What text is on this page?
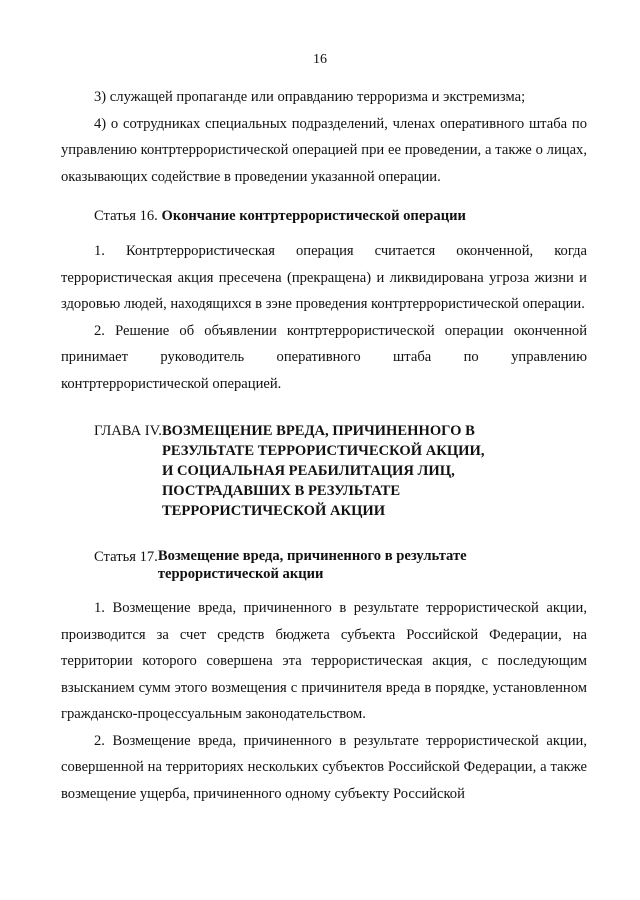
16

3) служащей пропаганде или оправданию терроризма и экстремизма;

4) о сотрудниках специальных подразделений, членах оперативного штаба по управлению контртеррористической операцией при ее проведении, а также о лицах, оказывающих содействие в проведении указанной операции.

Статья 16. Окончание контртеррористической операции

1. Контртеррористическая операция считается оконченной, когда террористическая акция пресечена (прекращена) и ликвидирована угроза жизни и здоровью людей, находящихся в зэне проведения контртеррористической операции.

2. Решение об объявлении контртеррористической операции оконченной принимает руководитель оперативного штаба по управлению контртеррористической операцией.

ГЛАВА IV. ВОЗМЕЩЕНИЕ ВРЕДА, ПРИЧИНЕННОГО В РЕЗУЛЬТАТЕ ТЕРРОРИСТИЧЕСКОЙ АКЦИИ, И СОЦИАЛЬНАЯ РЕАБИЛИТАЦИЯ ЛИЦ, ПОСТРАДАВШИХ В РЕЗУЛЬТАТЕ ТЕРРОРИСТИЧЕСКОЙ АКЦИИ
Статья 17. Возмещение вреда, причиненного в результате террористической акции

1. Возмещение вреда, причиненного в результате террористической акции, производится за счет средств бюджета субъекта Российской Федерации, на территории которого совершена эта террористическая акция, с последующим взысканием сумм этого возмещения с причинителя вреда в порядке, установленном гражданско-процессуальным законодательством.

2. Возмещение вреда, причиненного в результате террористической акции, совершенной на территориях нескольких субъектов Российской Федерации, а также возмещение ущерба, причиненного одному субъекту Российской
